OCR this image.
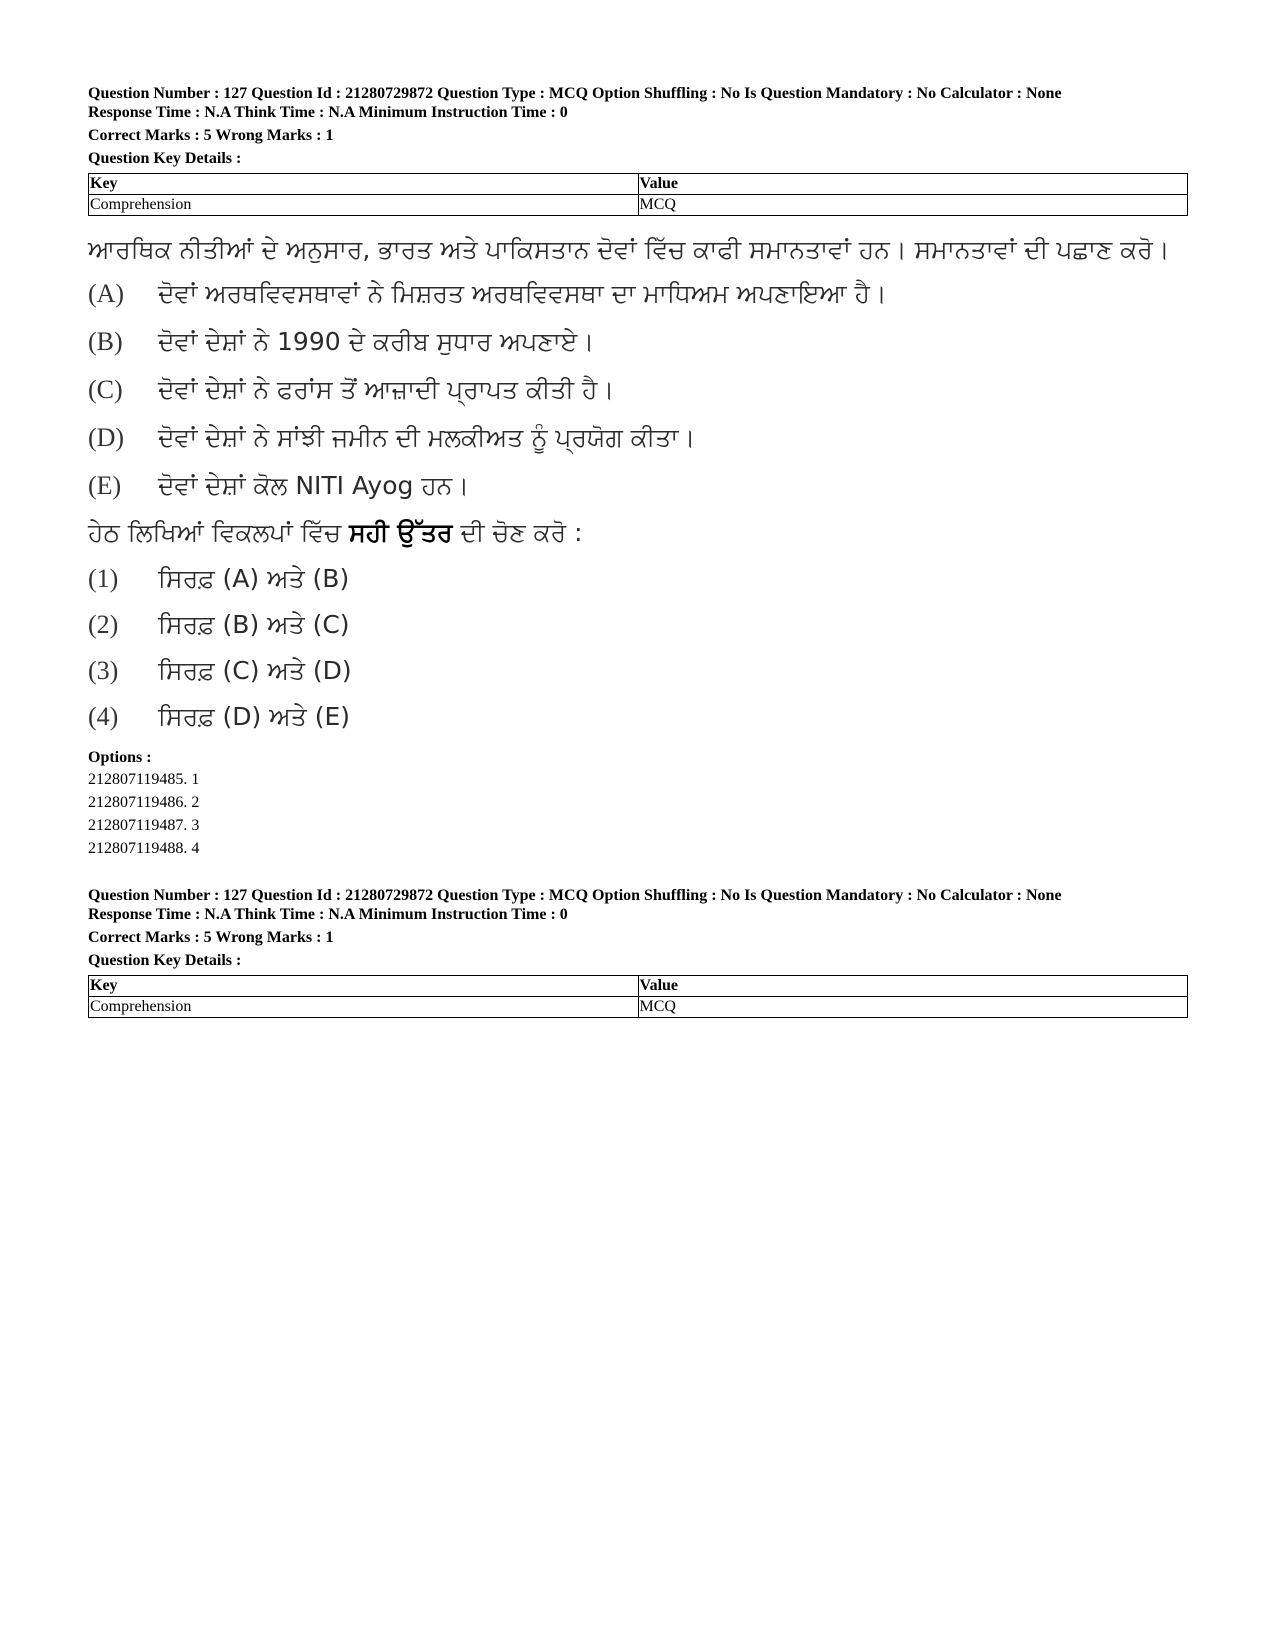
Question Number : 127 Question Id : 21280729872 Question Type : MCQ Option Shuffling : No Is Question Mandatory : No Calculator : None

Response Time : N.A Think Time : N.A Minimum Instruction Time : 0

Correct Marks : 5 Wrong Marks : 1

Question Key Details :

Key	Value
Comprehension	MCQ

ਆਰਥਿਕ ਨੀਤੀਆਂ ਦੇ ਅਨੁਸਾਰ, ਭਾਰਤ ਅਤੇ ਪਾਕਿਸਤਾਨ ਦੋਵਾਂ ਵਿੱਚ ਕਾਫੀ ਸਮਾਨਤਾਵਾਂ ਹਨ। ਸਮਾਨਤਾਵਾਂ ਦੀ ਪਛਾਣ ਕਰੋ।

(A)	ਦੋਵਾਂ ਅਰਥਵਿਵਸਥਾਵਾਂ ਨੇ ਮਿਸ਼ਰਤ ਅਰਥਵਿਵਸਥਾ ਦਾ ਮਾਧਿਅਮ ਅਪਣਾਇਆ ਹੈ।
(B)	ਦੋਵਾਂ ਦੇਸ਼ਾਂ ਨੇ 1990 ਦੇ ਕਰੀਬ ਸੁਧਾਰ ਅਪਣਾਏ।
(C)	ਦੋਵਾਂ ਦੇਸ਼ਾਂ ਨੇ ਫਰਾਂਸ ਤੋਂ ਆਜ਼ਾਦੀ ਪ੍ਰਾਪਤ ਕੀਤੀ ਹੈ।
(D)	ਦੋਵਾਂ ਦੇਸ਼ਾਂ ਨੇ ਸਾਂਝੀ ਜਮੀਨ ਦੀ ਮਲਕੀਅਤ ਨੂੰ ਪ੍ਰਯੋਗ ਕੀਤਾ।
(E)	ਦੋਵਾਂ ਦੇਸ਼ਾਂ ਕੋਲ NITI Ayog ਹਨ।
ਹੇਠ ਲਿਖਿਆਂ ਵਿਕਲਪਾਂ ਵਿੱਚ ਸਹੀ ਉੱਤਰ ਦੀ ਚੋਣ ਕਰੋ :
(1)	ਸਿਰਫ਼ (A) ਅਤੇ (B)
(2)	ਸਿਰਫ਼ (B) ਅਤੇ (C)
(3)	ਸਿਰਫ਼ (C) ਅਤੇ (D)
(4)	ਸਿਰਫ਼ (D) ਅਤੇ (E)
Options :
212807119485. 1
212807119486. 2
212807119487. 3
212807119488. 4

Question Number : 127 Question Id : 21280729872 Question Type : MCQ Option Shuffling : No Is Question Mandatory : No Calculator : None

Response Time : N.A Think Time : N.A Minimum Instruction Time : 0

Correct Marks : 5 Wrong Marks : 1

Question Key Details :

Key	Value
Comprehension	MCQ
